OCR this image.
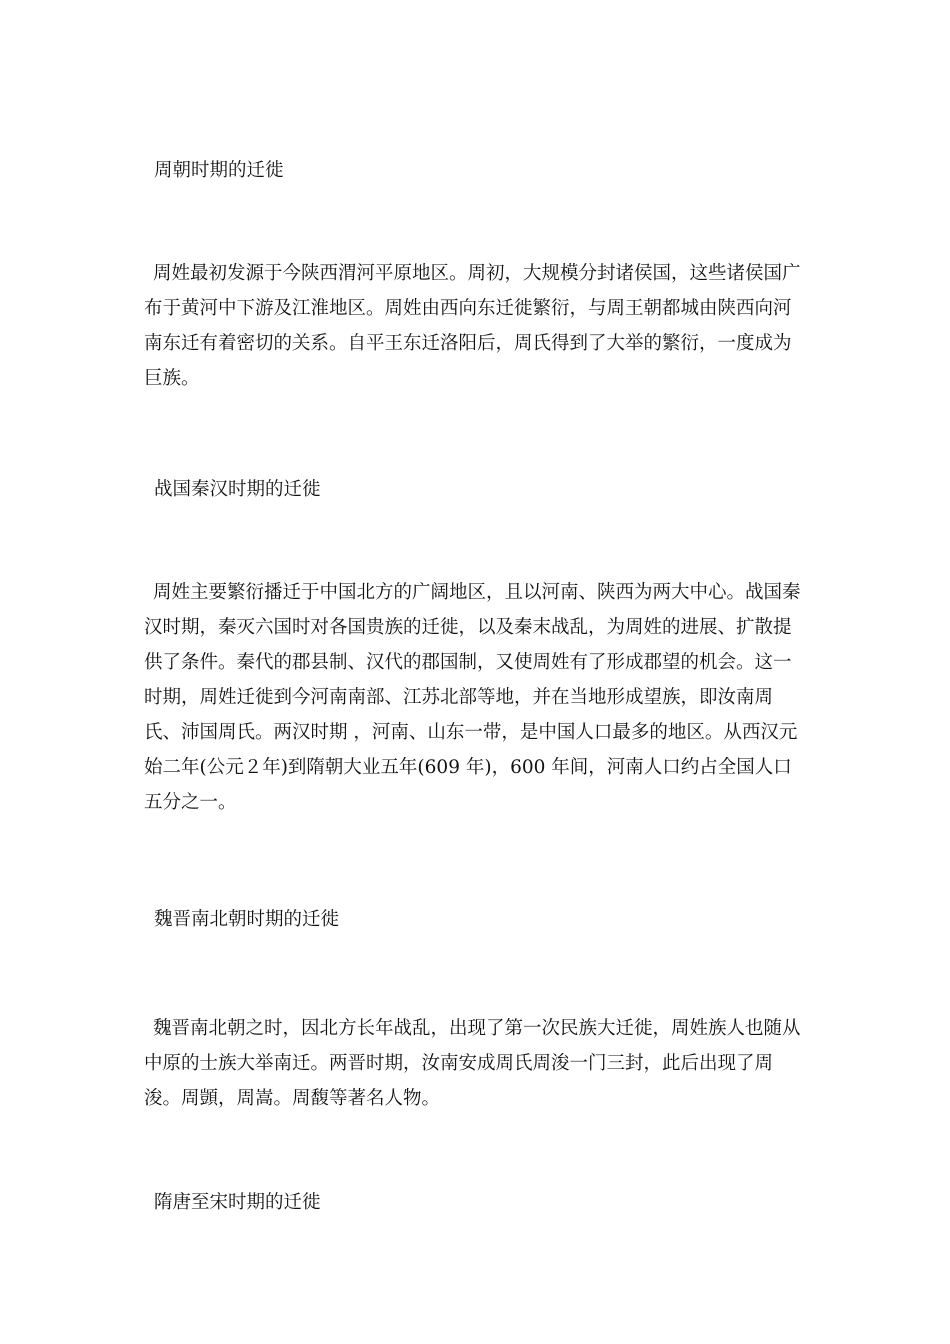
周朝时期的迁徙
周姓最初发源于今陕西渭河平原地区。周初，大规模分封诸侯国，这些诸侯国广布于黄河中下游及江淮地区。周姓由西向东迁徙繁衍，与周王朝都城由陕西向河南东迁有着密切的关系。自平王东迁洛阳后，周氏得到了大举的繁衍，一度成为巨族。
战国秦汉时期的迁徙
周姓主要繁衍播迁于中国北方的广阔地区，且以河南、陕西为两大中心。战国秦汉时期，秦灭六国时对各国贵族的迁徙，以及秦末战乱，为周姓的进展、扩散提供了条件。秦代的郡县制、汉代的郡国制，又使周姓有了形成郡望的机会。这一时期，周姓迁徙到今河南南部、江苏北部等地，并在当地形成望族，即汝南周氏、沛国周氏。两汉时期 ，河南、山东一带，是中国人口最多的地区。从西汉元始二年(公元２年)到隋朝大业五年(609 年)，600 年间，河南人口约占全国人口五分之一。
魏晋南北朝时期的迁徙
魏晋南北朝之时，因北方长年战乱，出现了第一次民族大迁徙，周姓族人也随从中原的士族大举南迁。两晋时期，汝南安成周氏周浚一门三封，此后出现了周浚。周顗，周嵩。周馥等著名人物。
隋唐至宋时期的迁徙
